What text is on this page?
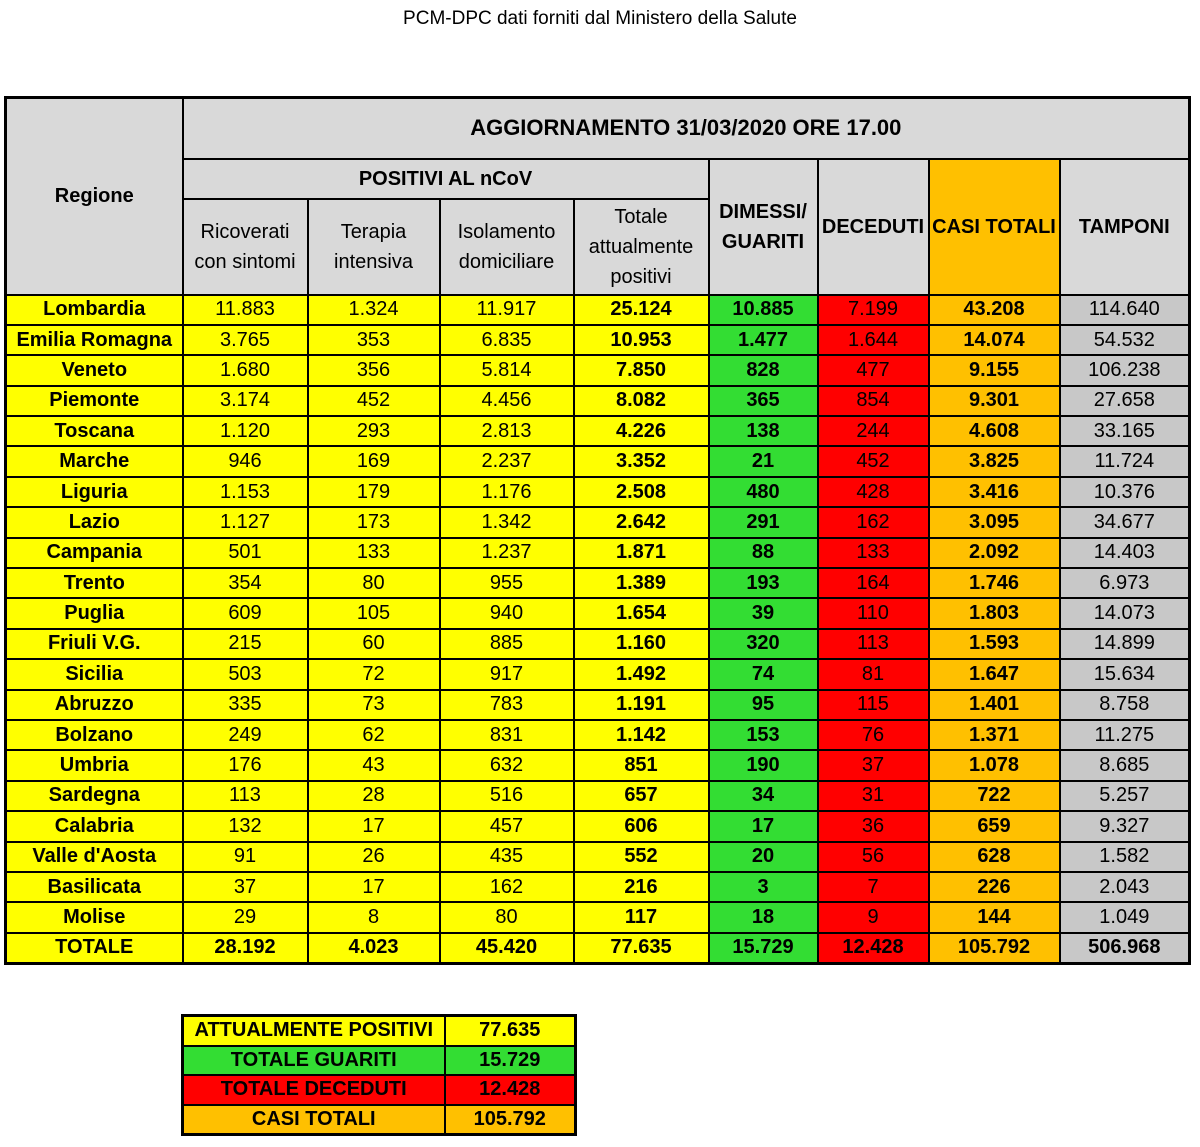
PCM-DPC dati forniti dal Ministero della Salute
Regione	AGGIORNAMENTO 31/03/2020 ORE 17.00							
	POSITIVI AL nCoV				DIMESSI/ GUARITI	DECEDUTI	CASI TOTALI	TAMPONI
	Ricoverati con sintomi	Terapia intensiva	Isolamento domiciliare	Totale attualmente positivi				
Lombardia	11.883	1.324	11.917	25.124	10.885	7.199	43.208	114.640
Emilia Romagna	3.765	353	6.835	10.953	1.477	1.644	14.074	54.532
Veneto	1.680	356	5.814	7.850	828	477	9.155	106.238
Piemonte	3.174	452	4.456	8.082	365	854	9.301	27.658
Toscana	1.120	293	2.813	4.226	138	244	4.608	33.165
Marche	946	169	2.237	3.352	21	452	3.825	11.724
Liguria	1.153	179	1.176	2.508	480	428	3.416	10.376
Lazio	1.127	173	1.342	2.642	291	162	3.095	34.677
Campania	501	133	1.237	1.871	88	133	2.092	14.403
Trento	354	80	955	1.389	193	164	1.746	6.973
Puglia	609	105	940	1.654	39	110	1.803	14.073
Friuli V.G.	215	60	885	1.160	320	113	1.593	14.899
Sicilia	503	72	917	1.492	74	81	1.647	15.634
Abruzzo	335	73	783	1.191	95	115	1.401	8.758
Bolzano	249	62	831	1.142	153	76	1.371	11.275
Umbria	176	43	632	851	190	37	1.078	8.685
Sardegna	113	28	516	657	34	31	722	5.257
Calabria	132	17	457	606	17	36	659	9.327
Valle d'Aosta	91	26	435	552	20	56	628	1.582
Basilicata	37	17	162	216	3	7	226	2.043
Molise	29	8	80	117	18	9	144	1.049
TOTALE	28.192	4.023	45.420	77.635	15.729	12.428	105.792	506.968
ATTUALMENTE POSITIVI	77.635
TOTALE GUARITI	15.729
TOTALE DECEDUTI	12.428
CASI TOTALI	105.792
